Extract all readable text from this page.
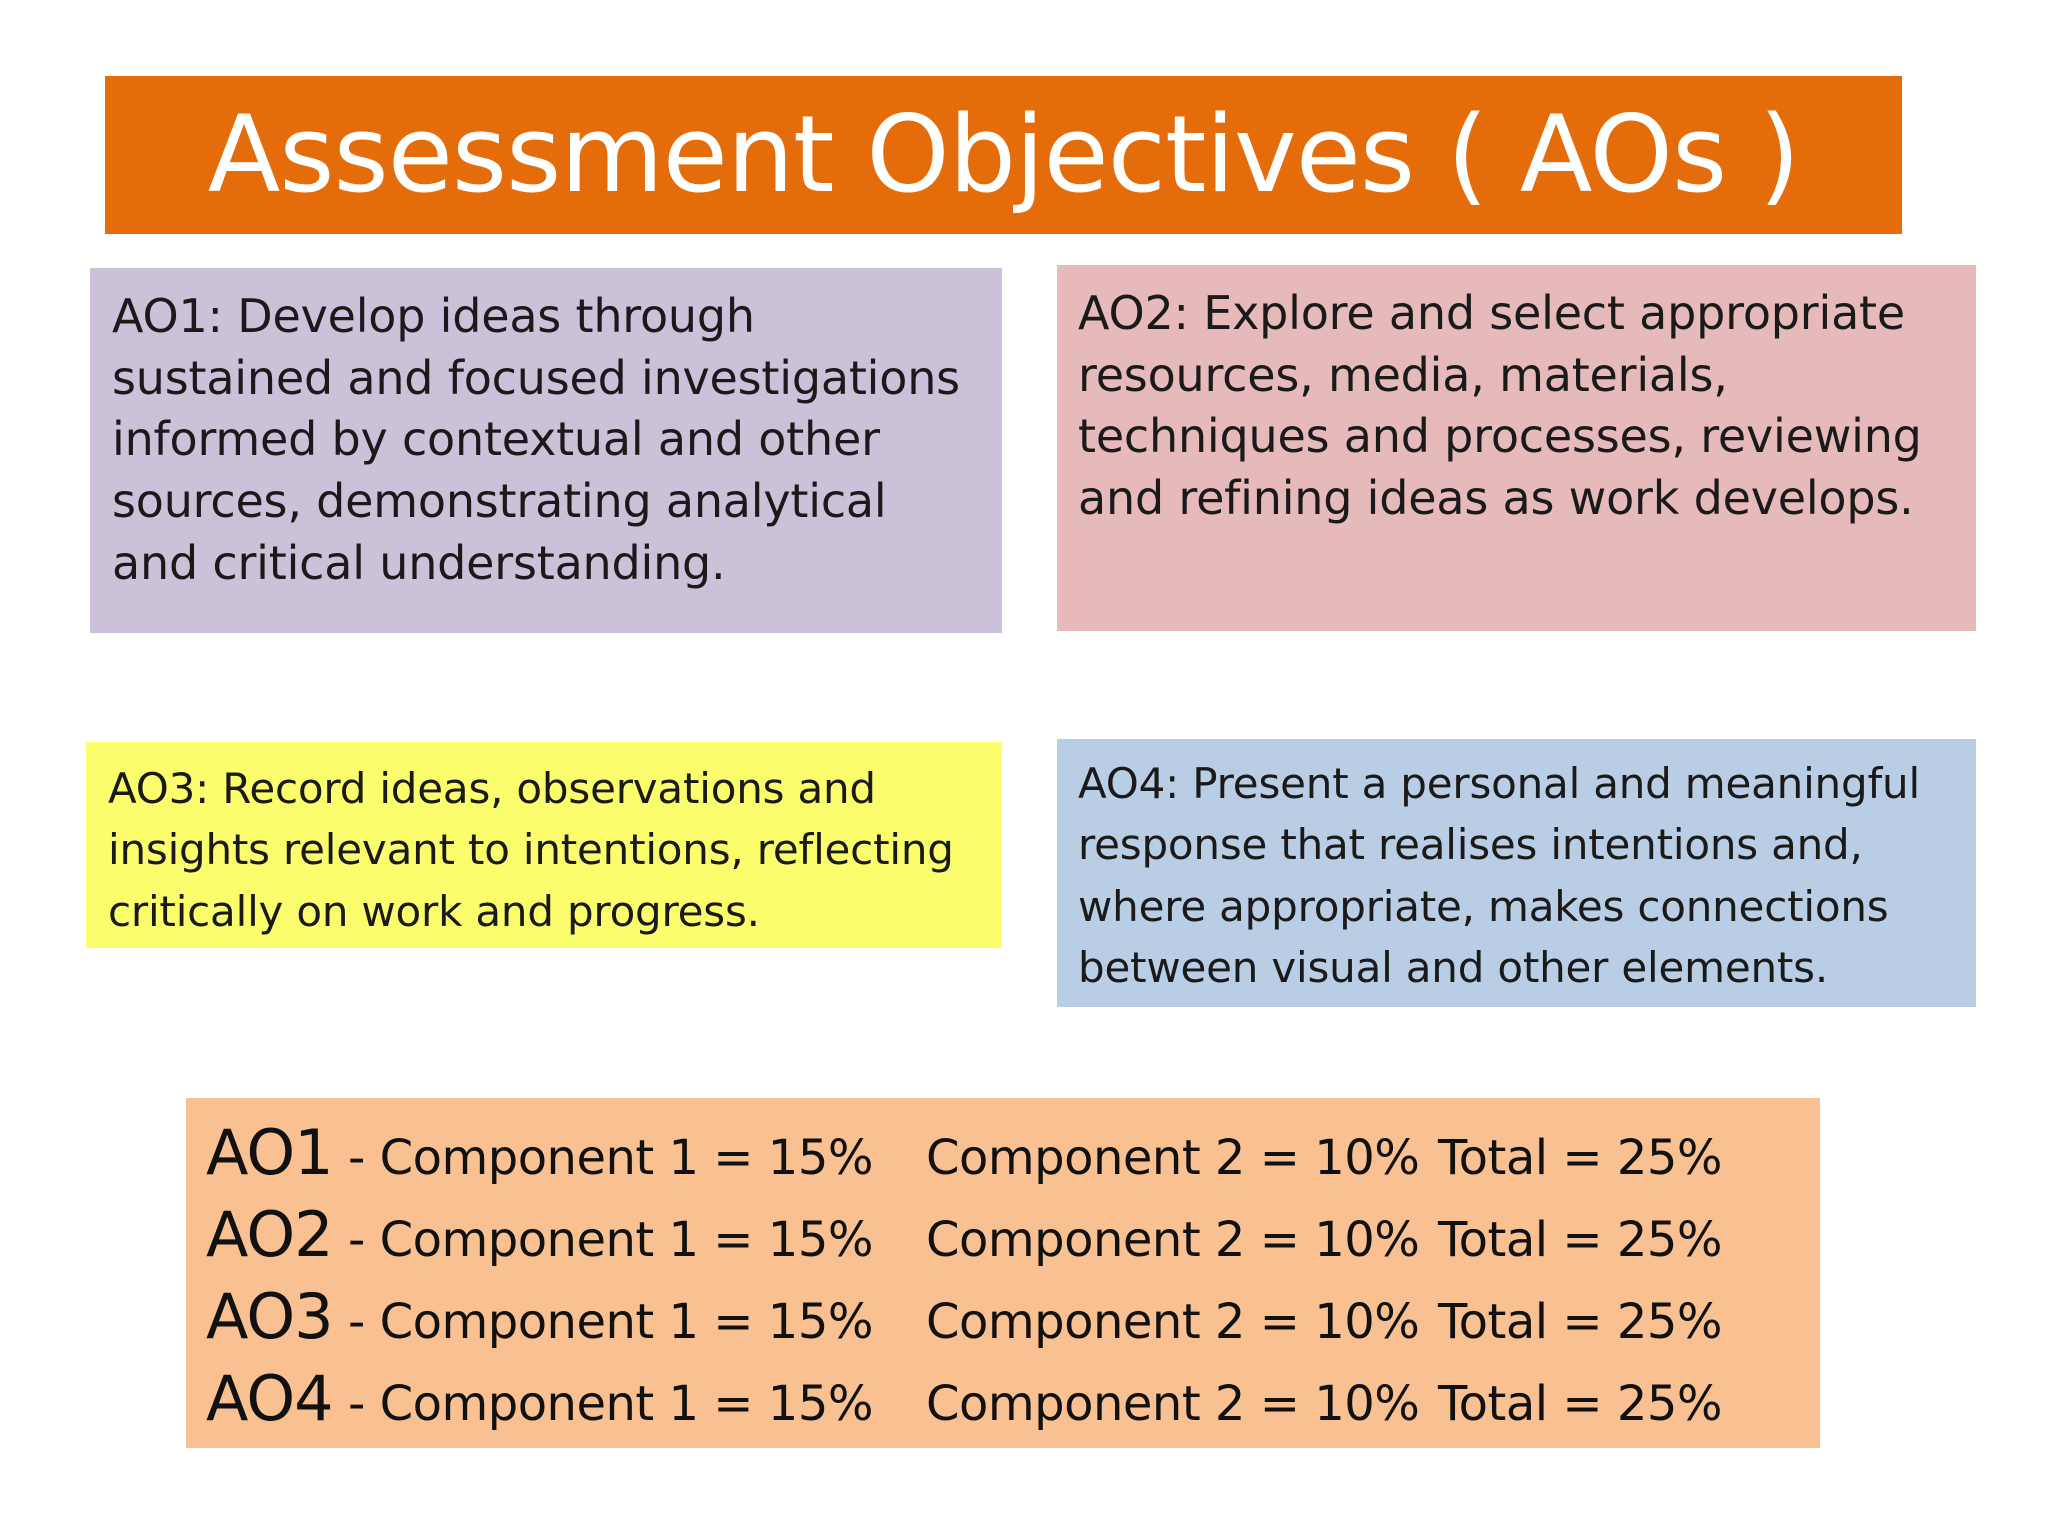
Assessment Objectives ( AOs )
AO1: Develop ideas through sustained and focused investigations informed by contextual and other sources, demonstrating analytical and critical understanding.
AO2: Explore and select appropriate resources, media, materials, techniques and processes, reviewing and refining ideas as work develops.
AO3: Record ideas, observations and insights relevant to intentions, reflecting critically on work and progress.
AO4: Present a personal and meaningful response that realises intentions and, where appropriate, makes connections between visual and other elements.
AO1 - Component 1 = 15%	Component 2 = 10% Total = 25%
AO2 - Component 1 = 15%	Component 2 = 10% Total = 25%
AO3 - Component 1 = 15%	Component 2 = 10% Total = 25%
AO4 - Component 1 = 15%	Component 2 = 10% Total = 25%
